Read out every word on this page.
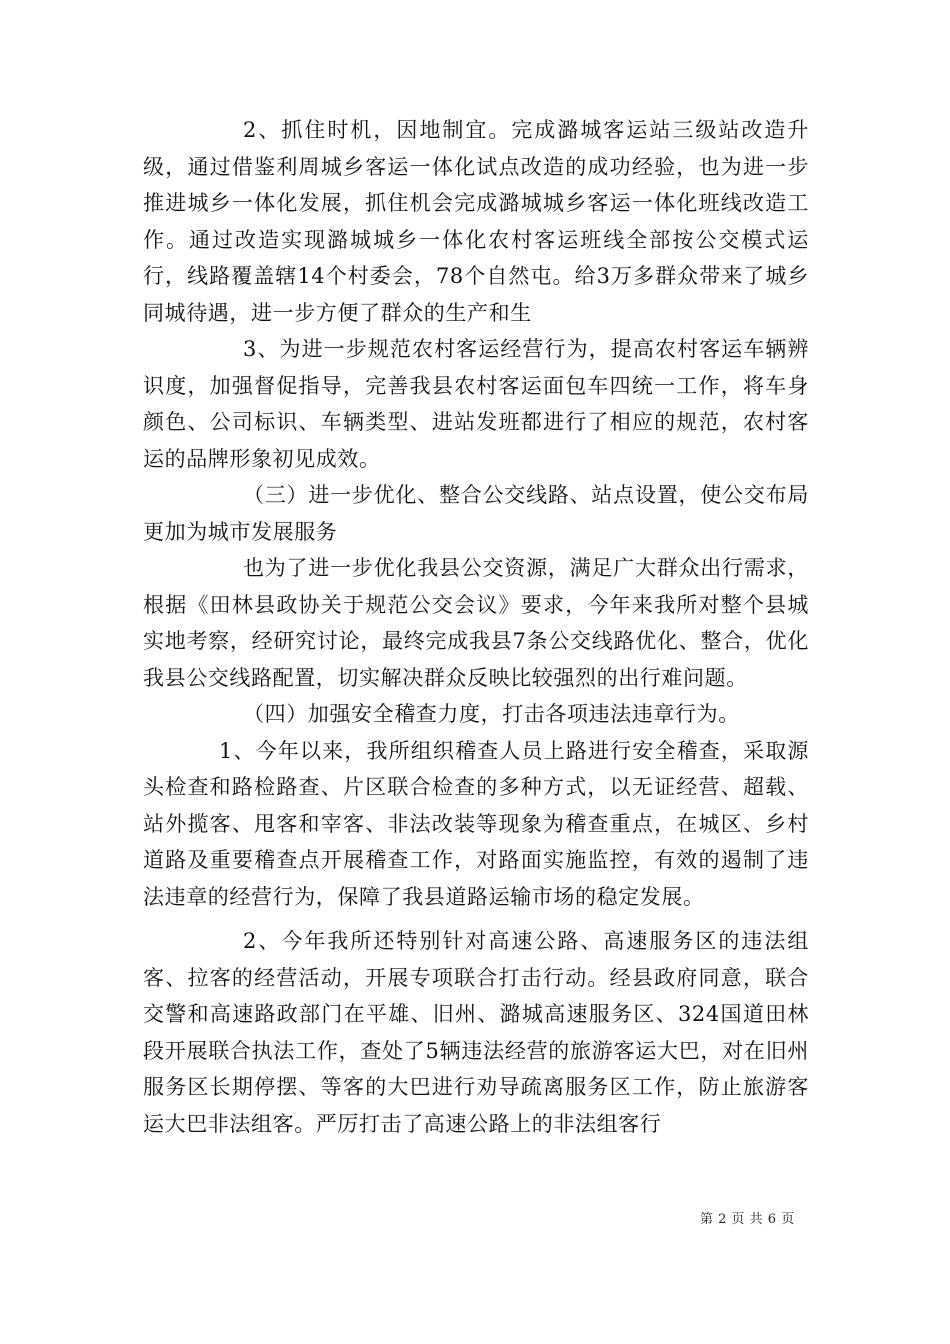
2、抓住时机，因地制宜。完成潞城客运站三级站改造升级，通过借鉴利周城乡客运一体化试点改造的成功经验，也为进一步推进城乡一体化发展，抓住机会完成潞城城乡客运一体化班线改造工作。通过改造实现潞城城乡一体化农村客运班线全部按公交模式运行，线路覆盖辖14个村委会，78个自然屯。给3万多群众带来了城乡同城待遇，进一步方便了群众的生产和生

3、为进一步规范农村客运经营行为，提高农村客运车辆辨识度，加强督促指导，完善我县农村客运面包车四统一工作，将车身颜色、公司标识、车辆类型、进站发班都进行了相应的规范，农村客运的品牌形象初见成效。

（三）进一步优化、整合公交线路、站点设置，使公交布局更加为城市发展服务

也为了进一步优化我县公交资源，满足广大群众出行需求，根据《田林县政协关于规范公交会议》要求，今年来我所对整个县城实地考察，经研究讨论，最终完成我县7条公交线路优化、整合，优化我县公交线路配置，切实解决群众反映比较强烈的出行难问题。

（四）加强安全稽查力度，打击各项违法违章行为。

1、今年以来，我所组织稽查人员上路进行安全稽查，采取源头检查和路检路查、片区联合检查的多种方式，以无证经营、超载、站外揽客、甩客和宰客、非法改装等现象为稽查重点，在城区、乡村道路及重要稽查点开展稽查工作，对路面实施监控，有效的遏制了违法违章的经营行为，保障了我县道路运输市场的稳定发展。

2、今年我所还特别针对高速公路、高速服务区的违法组客、拉客的经营活动，开展专项联合打击行动。经县政府同意，联合交警和高速路政部门在平雄、旧州、潞城高速服务区、324国道田林段开展联合执法工作，查处了5辆违法经营的旅游客运大巴，对在旧州服务区长期停摆、等客的大巴进行劝导疏离服务区工作，防止旅游客运大巴非法组客。严厉打击了高速公路上的非法组客行

第 2 页 共 6 页
